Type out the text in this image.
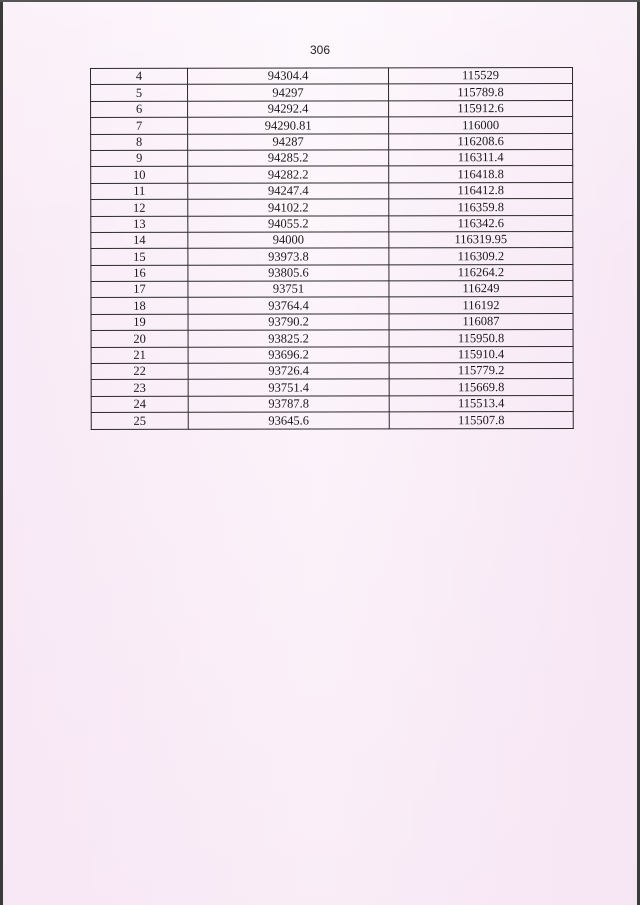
306
4	94304.4	115529
5	94297	115789.8
6	94292.4	115912.6
7	94290.81	116000
8	94287	116208.6
9	94285.2	116311.4
10	94282.2	116418.8
11	94247.4	116412.8
12	94102.2	116359.8
13	94055.2	116342.6
14	94000	116319.95
15	93973.8	116309.2
16	93805.6	116264.2
17	93751	116249
18	93764.4	116192
19	93790.2	116087
20	93825.2	115950.8
21	93696.2	115910.4
22	93726.4	115779.2
23	93751.4	115669.8
24	93787.8	115513.4
25	93645.6	115507.8
